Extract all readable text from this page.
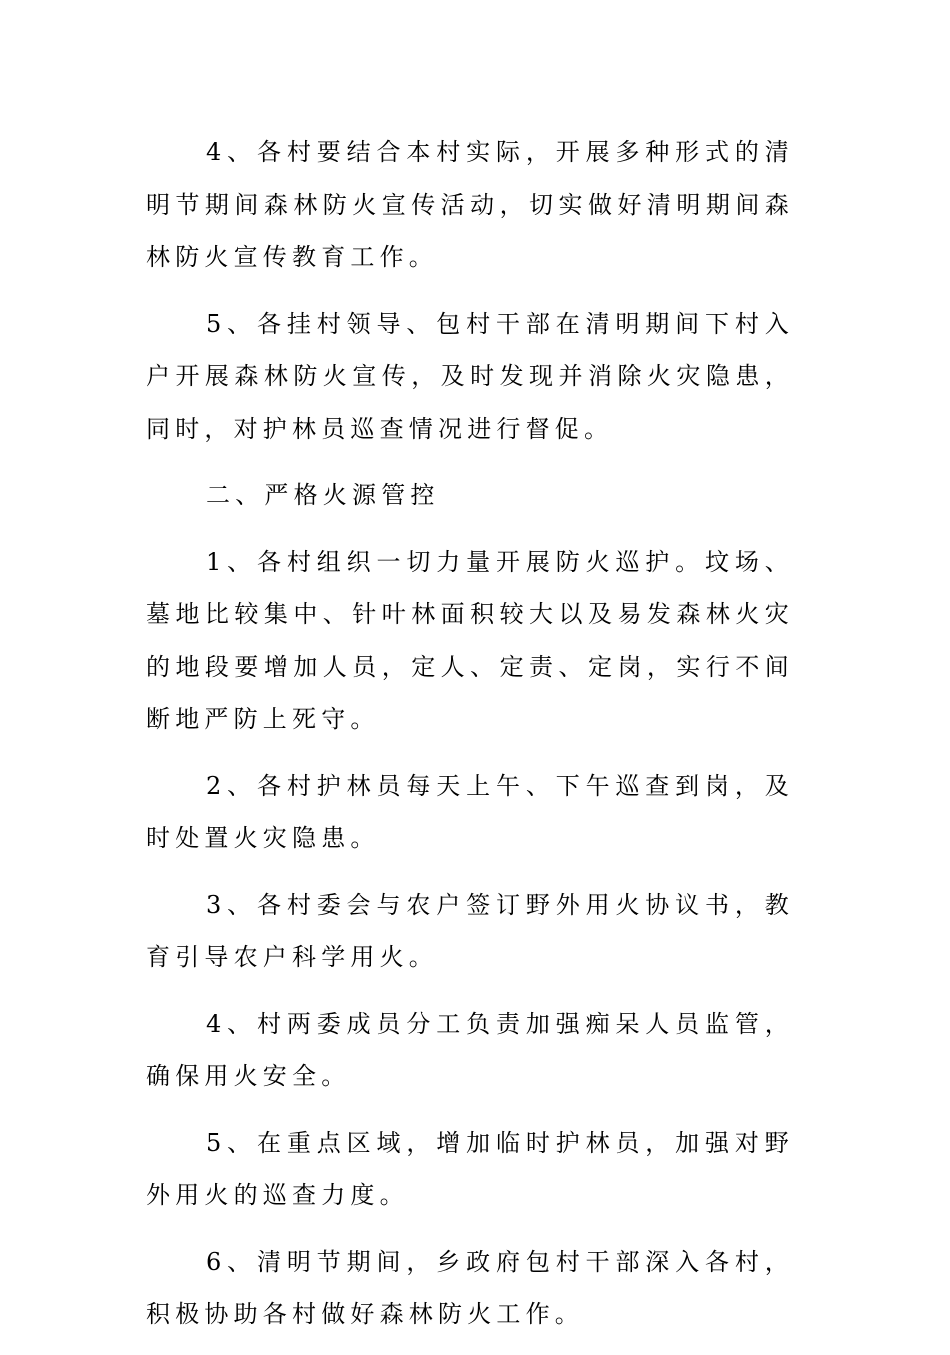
4、各村要结合本村实际，开展多种形式的清明节期间森林防火宣传活动，切实做好清明期间森林防火宣传教育工作。

5、各挂村领导、包村干部在清明期间下村入户开展森林防火宣传，及时发现并消除火灾隐患，同时，对护林员巡查情况进行督促。

二、严格火源管控

1、各村组织一切力量开展防火巡护。坟场、墓地比较集中、针叶林面积较大以及易发森林火灾的地段要增加人员，定人、定责、定岗，实行不间断地严防上死守。

2、各村护林员每天上午、下午巡查到岗，及时处置火灾隐患。

3、各村委会与农户签订野外用火协议书，教育引导农户科学用火。

4、村两委成员分工负责加强痴呆人员监管，确保用火安全。

5、在重点区域，增加临时护林员，加强对野外用火的巡查力度。

6、清明节期间，乡政府包村干部深入各村，积极协助各村做好森林防火工作。
